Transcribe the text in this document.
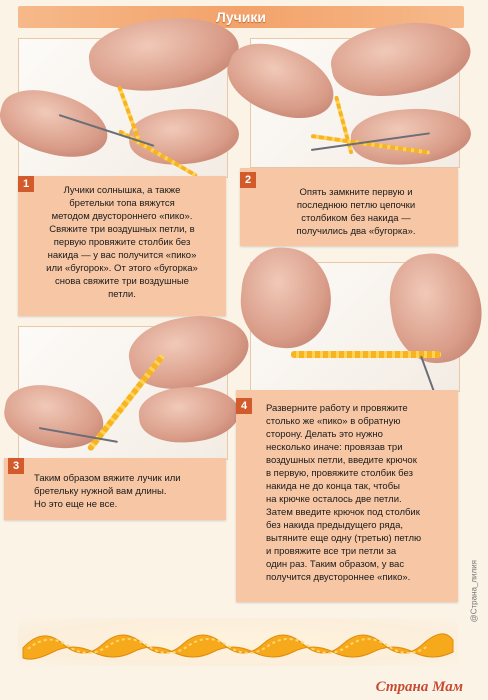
Лучики
1
Лучики солнышка, а также
бретельки топа вяжутся
методом двустороннего «пико».
Свяжите три воздушных петли, в
первую провяжите столбик без
накида — у вас получится «пико»
или «бугорок». От этого «бугорка»
снова свяжите три воздушные
петли.
2
Опять замкните первую и
последнюю петлю цепочки
столбиком без накида —
получились два «бугорка».
3
Таким образом вяжите лучик или
бретельку нужной вам длины.
Но это еще не все.
4	Разверните работу и провяжите
столько же «пико» в обратную
сторону. Делать это нужно
несколько иначе: провязав три
воздушных петли, введите крючок
в первую, провяжите столбик без
накида не до конца так, чтобы
на крючке осталось две петли.
Затем введите крючок под столбик
без накида предыдущего ряда,
вытяните еще одну (третью) петлю
и провяжите все три петли за
один раз. Таким образом, у вас
получится двустороннее «пико».	@Страна_лилия
Страна Мам
